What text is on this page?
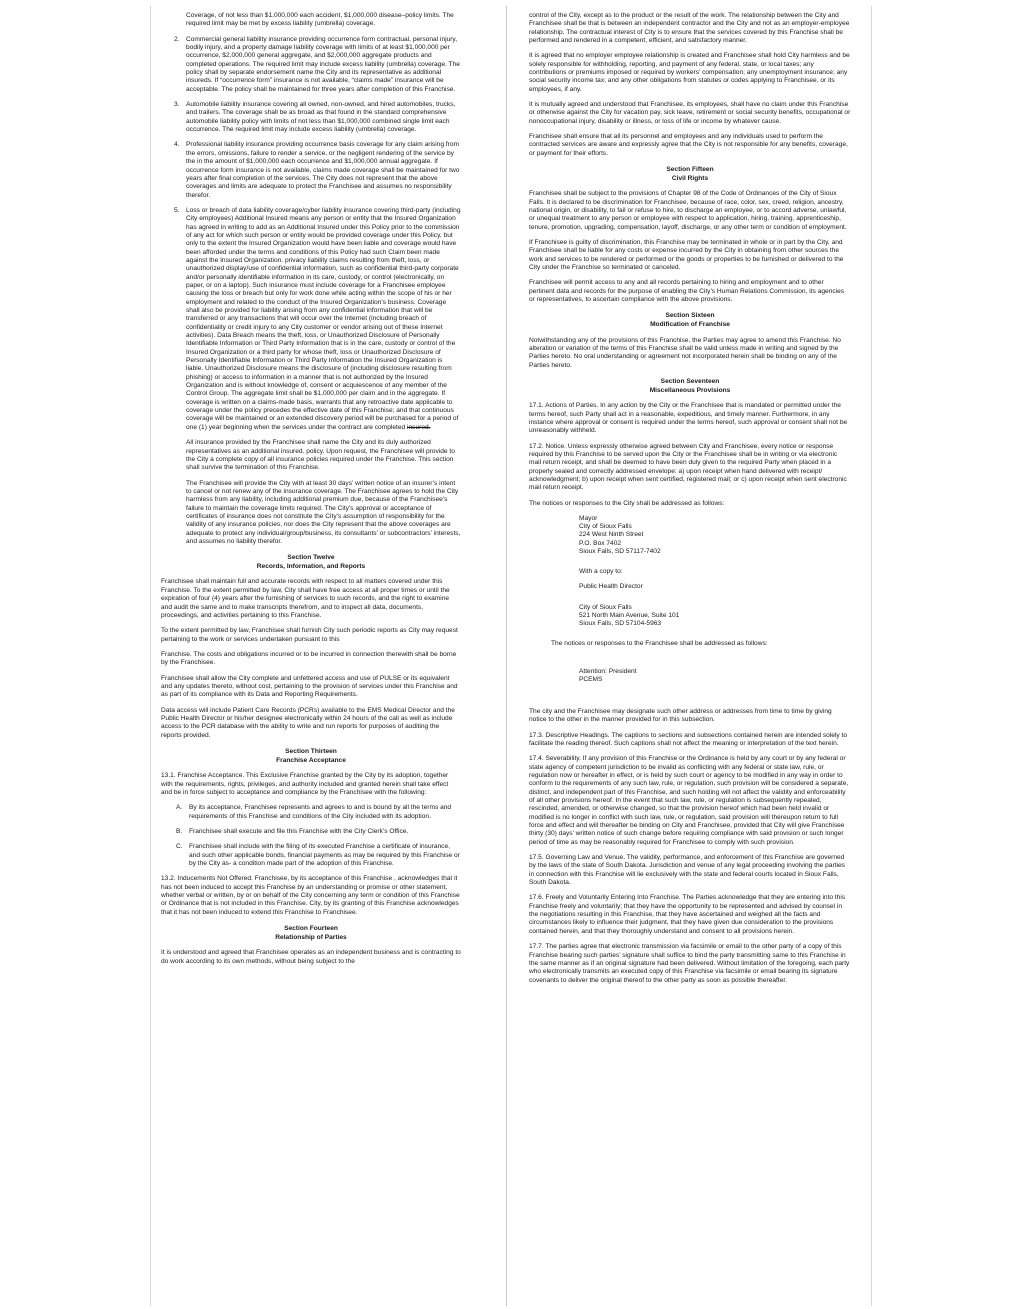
Coverage, of not less than $1,000,000 each accident, $1,000,000 disease–policy limits. The required limit may be met by excess liability (umbrella) coverage.

2. Commercial general liability insurance providing occurrence form contractual, personal injury, bodily injury, and a property damage liability coverage with limits of at least $1,000,000 per occurrence, $2,000,000 general aggregate, and $2,000,000 aggregate products and completed operations. The required limit may include excess liability (umbrella) coverage. The policy shall by separate endorsement name the City and its representative as additional insureds. If “occurrence form” insurance is not available, “claims made” insurance will be acceptable. The policy shall be maintained for three years after completion of this Franchise.
3. Automobile liability insurance covering all owned, non-owned, and hired automobiles, trucks, and trailers. The coverage shall be as broad as that found in the standard comprehensive automobile liability policy with limits of not less than $1,000,000 combined single limit each occurrence. The required limit may include excess liability (umbrella) coverage.
4. Professional liability insurance providing occurrence basis coverage for any claim arising from the errors, omissions, failure to render a service, or the negligent rendering of the service by the in the amount of $1,000,000 each occurrence and $1,000,000 annual aggregate. If occurrence form insurance is not available, claims made coverage shall be maintained for two years after final completion of the services. The City does not represent that the above coverages and limits are adequate to protect the Franchisee and assumes no responsibility therefor.
5. Loss or breach of data liability coverage/cyber liability insurance covering third-party (including City employees) Additional Insured means any person or entity that the Insured Organization has agreed in writing to add as an Additional Insured under this Policy prior to the commission of any act for which such person or entity would be provided coverage under this Policy, but only to the extent the Insured Organization would have been liable and coverage would have been afforded under the terms and conditions of this Policy had such Claim been made against the Insured Organization. privacy liability claims resulting from theft, loss, or unauthorized display/use of confidential information, such as confidential third-party corporate and/or personally identifiable information in its care, custody, or control (electronically, on paper, or on a laptop). Such insurance must include coverage for a Franchisee employee causing the loss or breach but only for work done while acting within the scope of his or her employment and related to the conduct of the Insured Organization’s business. Coverage shall also be provided for liability arising from any confidential information that will be transferred or any transactions that will occur over the Internet (including breach of confidentiality or credit injury to any City customer or vendor arising out of these Internet activities). Data Breach means the theft, loss, or Unauthorized Disclosure of Personally Identifiable Information or Third Party Information that is in the care, custody or control of the Insured Organization or a third party for whose theft, loss or Unauthorized Disclosure of Personally Identifiable Information or Third Party Information the Insured Organization is liable. Unauthorized Disclosure means the disclosure of (including disclosure resulting from phishing) or access to information in a manner that is not authorized by the Insured Organization and is without knowledge of, consent or acquiescence of any member of the Control Group. The aggregate limit shall be $1,000,000 per claim and in the aggregate. If coverage is written on a claims-made basis, warrants that any retroactive date applicable to coverage under the policy precedes the effective date of this Franchise; and that continuous coverage will be maintained or an extended discovery period will be purchased for a period of one (1) year beginning when the services under the contract are completed insured.

All insurance provided by the Franchisee shall name the City and its duly authorized representatives as an additional insured. policy. Upon request, the Franchisee will provide to the City a complete copy of all insurance policies required under the Franchise. This section shall survive the termination of this Franchise.

The Franchisee will provide the City with at least 30 days’ written notice of an insurer’s intent to cancel or not renew any of the insurance coverage. The Franchisee agrees to hold the City harmless from any liability, including additional premium due, because of the Franchisee’s failure to maintain the coverage limits required. The City’s approval or acceptance of certificates of insurance does not constitute the City’s assumption of responsibility for the validity of any insurance policies, nor does the City represent that the above coverages are adequate to protect any individual/group/business, its consultants’ or subcontractors’ interests, and assumes no liability therefor.

Section Twelve
Records, Information, and Reports

Franchisee shall maintain full and accurate records with respect to all matters covered under this Franchise. To the extent permitted by law, City shall have free access at all proper times or until the expiration of four (4) years after the furnishing of services to such records, and the right to examine and audit the same and to make transcripts therefrom, and to inspect all data, documents, proceedings, and activities pertaining to this Franchise.

To the extent permitted by law, Franchisee shall furnish City such periodic reports as City may request pertaining to the work or services undertaken pursuant to this

Franchise. The costs and obligations incurred or to be incurred in connection therewith shall be borne by the Franchisee.

Franchisee shall allow the City complete and unfettered access and use of PULSE or its equivalent and any updates thereto, without cost, pertaining to the provision of services under this Franchise and as part of its compliance with its Data and Reporting Requirements.

Data access will include Patient Care Records (PCRs) available to the EMS Medical Director and the Public Health Director or his/her designee electronically within 24 hours of the call as well as include access to the PCR database with the ability to write and run reports for purposes of auditing the reports provided.

Section Thirteen
Franchise Acceptance

13.1. Franchise Acceptance. This Exclusive Franchise granted by the City by its adoption, together with the requirements, rights, privileges, and authority included and granted herein shall take effect and be in force subject to acceptance and compliance by the Franchisee with the following:

A. By its acceptance, Franchisee represents and agrees to and is bound by all the terms and requirements of this Franchise and conditions of the City included with its adoption.
B. Franchisee shall execute and file this Franchise with the City Clerk’s Office.
C. Franchisee shall include with the filing of its executed Franchise a certificate of insurance, and such other applicable bonds, financial payments as may be required by this Franchise or by the City as- a condition made part of the adoption of this Franchise.

13.2. Inducements Not Offered. Franchisee, by its acceptance of this Franchise , acknowledges that it has not been induced to accept this Franchise by an understanding or promise or other statement, whether verbal or written, by or on behalf of the City concerning any term or condition of this Franchise or Ordinance that is not included in this Franchise. City, by its granting of this Franchise acknowledges that it has not been induced to extend this Franchise to Franchisee.

Section Fourteen
Relationship of Parties

It is understood and agreed that Franchisee operates as an independent business and is contracting to do work according to its own methods, without being subject to the

control of the City, except as to the product or the result of the work. The relationship between the City and Franchisee shall be that is between an independent contractor and the City and not as an employer-employee relationship. The contractual interest of City is to ensure that the services covered by this Franchise shall be performed and rendered in a competent, efficient, and satisfactory manner.

It is agreed that no employer employee relationship is created and Franchisee shall hold City harmless and be solely responsible for withholding, reporting, and payment of any federal, state, or local taxes; any contributions or premiums imposed or required by workers’ compensation; any unemployment insurance; any social security income tax; and any other obligations from statutes or codes applying to Franchisee, or its employees, if any.

It is mutually agreed and understood that Franchisee, its employees, shall have no claim under this Franchise or otherwise against the City for vacation pay, sick leave, retirement or social security benefits, occupational or nonoccupational injury, disability or illness, or loss of life or income by whatever cause.

Franchisee shall ensure that all its personnel and employees and any individuals used to perform the contracted services are aware and expressly agree that the City is not responsible for any benefits, coverage, or payment for their efforts.

Section Fifteen
Civil Rights

Franchisee shall be subject to the provisions of Chapter 98 of the Code of Ordinances of the City of Sioux Falls. It is declared to be discrimination for Franchisee, because of race, color, sex, creed, religion, ancestry, national origin, or disability, to fail or refuse to hire, to discharge an employee, or to accord adverse, unlawful, or unequal treatment to any person or employee with respect to application, hiring, training, apprenticeship, tenure, promotion, upgrading, compensation, layoff, discharge, or any other term or condition of employment.

If Franchisee is guilty of discrimination, this Franchise may be terminated in whole or in part by the City, and Franchisee shall be liable for any costs or expense incurred by the City in obtaining from other sources the work and services to be rendered or performed or the goods or properties to be furnished or delivered to the City under the Franchise so terminated or canceled.

Franchisee will permit access to any and all records pertaining to hiring and employment and to other pertinent data and records for the purpose of enabling the City’s Human Relations Commission, its agencies or representatives, to ascertain compliance with the above provisions.

Section Sixteen
Modification of Franchise

Notwithstanding any of the provisions of this Franchise, the Parties may agree to amend this Franchise. No alteration or variation of the terms of this Franchise shall be valid unless made in writing and signed by the Parties hereto. No oral understanding or agreement not incorporated herein shall be binding on any of the Parties hereto.

Section Seventeen
Miscellaneous Provisions

17.1. Actions of Parties. In any action by the City or the Franchisee that is mandated or permitted under the terms hereof, such Party shall act in a reasonable, expeditious, and timely manner. Furthermore, in any instance where approval or consent is required under the terms hereof, such approval or consent shall not be unreasonably withheld.

17.2. Notice. Unless expressly otherwise agreed between City and Franchisee, every notice or response required by this Franchise to be served upon the City or the Franchisee shall be in writing or via electronic mail return receipt, and shall be deemed to have been duly given to the required Party when placed in a properly sealed and correctly addressed envelope: a) upon receipt when hand delivered with receipt/ acknowledgment; b) upon receipt when sent certified, registered mail; or c) upon receipt when sent electronic mail return receipt.

The notices or responses to the City shall be addressed as follows:

Mayor
City of Sioux Falls
224 West Ninth Street
P.O. Box 7402
Sioux Falls, SD 57117-7402

With a copy to:

Public Health Director
City of Sioux Falls
521 North Main Avenue, Suite 101
Sioux Falls, SD 57104-5963

The notices or responses to the Franchisee shall be addressed as follows:

Attention: President
PCEMS

The city and the Franchisee may designate such other address or addresses from time to time by giving notice to the other in the manner provided for in this subsection.

17.3. Descriptive Headings. The captions to sections and subsections contained herein are intended solely to facilitate the reading thereof. Such captions shall not affect the meaning or interpretation of the text herein.

17.4. Severability. If any provision of this Franchise or the Ordinance is held by any court or by any federal or state agency of competent jurisdiction to be invalid as conflicting with any federal or state law, rule, or regulation now or hereafter in effect, or is held by such court or agency to be modified in any way in order to conform to the requirements of any such law, rule, or regulation, such provision will be considered a separate, distinct, and independent part of this Franchise, and such holding will not affect the validity and enforceability of all other provisions hereof. In the event that such law, rule, or regulation is subsequently repealed, rescinded, amended, or otherwise changed, so that the provision hereof which had been held invalid or modified is no longer in conflict with such law, rule, or regulation, said provision will thereupon return to full force and effect and will thereafter be binding on City and Franchisee, provided that City will give Franchisee thirty (30) days’ written notice of such change before requiring compliance with said provision or such longer period of time as may be reasonably required for Franchisee to comply with such provision.

17.5. Governing Law and Venue. The validity, performance, and enforcement of this Franchise are governed by the laws of the state of South Dakota. Jurisdiction and venue of any legal proceeding involving the parties in connection with this Franchise will lie exclusively with the state and federal courts located in Sioux Falls, South Dakota.

17.6. Freely and Voluntarily Entering Into Franchise. The Parties acknowledge that they are entering into this Franchise freely and voluntarily; that they have the opportunity to be represented and advised by counsel in the negotiations resulting in this Franchise, that they have ascertained and weighed all the facts and circumstances likely to influence their judgment, that they have given due consideration to the provisions contained herein, and that they thoroughly understand and consent to all provisions herein.

17.7. The parties agree that electronic transmission via facsimile or email to the other party of a copy of this Franchise bearing such parties’ signature shall suffice to bind the party transmitting same to this Franchise in the same manner as if an original signature had been delivered. Without limitation of the foregoing, each party who electronically transmits an executed copy of this Franchise via facsimile or email bearing its signature covenants to deliver the original thereof to the other party as soon as possible thereafter.
